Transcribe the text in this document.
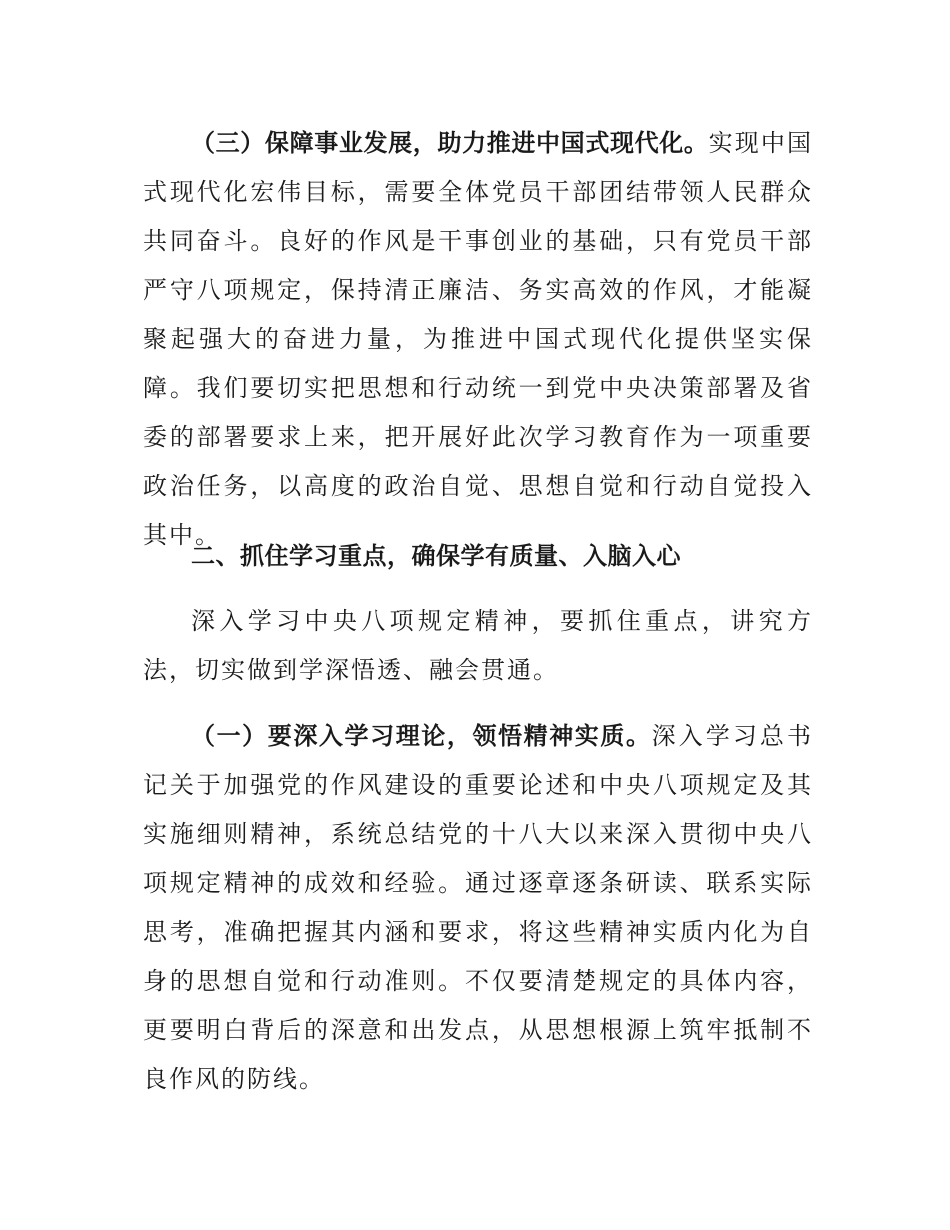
（三）保障事业发展，助力推进中国式现代化。实现中国式现代化宏伟目标，需要全体党员干部团结带领人民群众共同奋斗。良好的作风是干事创业的基础，只有党员干部严守八项规定，保持清正廉洁、务实高效的作风，才能凝聚起强大的奋进力量，为推进中国式现代化提供坚实保障。我们要切实把思想和行动统一到党中央决策部署及省委的部署要求上来，把开展好此次学习教育作为一项重要政治任务，以高度的政治自觉、思想自觉和行动自觉投入其中。

二、抓住学习重点，确保学有质量、入脑入心

深入学习中央八项规定精神，要抓住重点，讲究方法，切实做到学深悟透、融会贯通。

（一）要深入学习理论，领悟精神实质。深入学习总书记关于加强党的作风建设的重要论述和中央八项规定及其实施细则精神，系统总结党的十八大以来深入贯彻中央八项规定精神的成效和经验。通过逐章逐条研读、联系实际思考，准确把握其内涵和要求，将这些精神实质内化为自身的思想自觉和行动准则。不仅要清楚规定的具体内容，更要明白背后的深意和出发点，从思想根源上筑牢抵制不良作风的防线。
